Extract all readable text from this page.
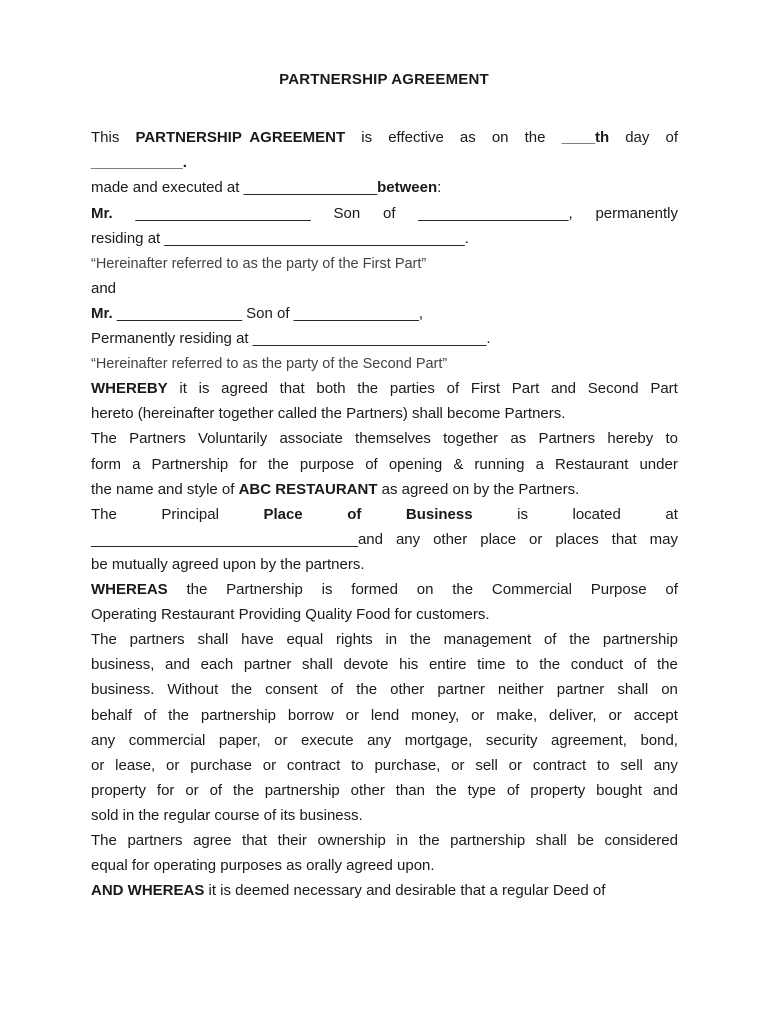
PARTNERSHIP AGREEMENT
This PARTNERSHIP  AGREEMENT is effective as on the ____th day of
___________.
made and executed at ________________between:
Mr. _____________________ Son of __________________, permanently
residing at ____________________________________.
“Hereinafter referred to as the party of the First Part”
and
Mr. _______________ Son of _______________,
Permanently residing at ____________________________.
“Hereinafter referred to as the party of the Second Part”
WHEREBY it is agreed that both the parties of First Part and Second Part
hereto (hereinafter together called the Partners) shall become Partners.
The Partners Voluntarily associate themselves together as Partners hereby to
form a Partnership for the purpose of opening & running a Restaurant under
the name and style of ABC RESTAURANT as agreed on by the Partners.
The	Principal	Place	of	Business	is	located	at
________________________________and any other place or places that may
be mutually agreed upon by the partners.
WHEREAS the Partnership is formed on the Commercial Purpose of
Operating Restaurant Providing Quality Food for customers.
The partners shall have equal rights in the management of the partnership
business, and each partner shall devote his entire time to the conduct of the
business. Without the consent of the other partner neither partner shall on
behalf of the partnership borrow or lend money, or make, deliver, or accept
any commercial paper, or execute any mortgage, security agreement, bond,
or lease, or purchase or contract to purchase, or sell or contract to sell any
property for or of the partnership other than the type of property bought and
sold in the regular course of its business.
The partners agree that their ownership in the partnership shall be considered
equal for operating purposes as orally agreed upon.
AND WHEREAS it is deemed necessary and desirable that a regular Deed of
